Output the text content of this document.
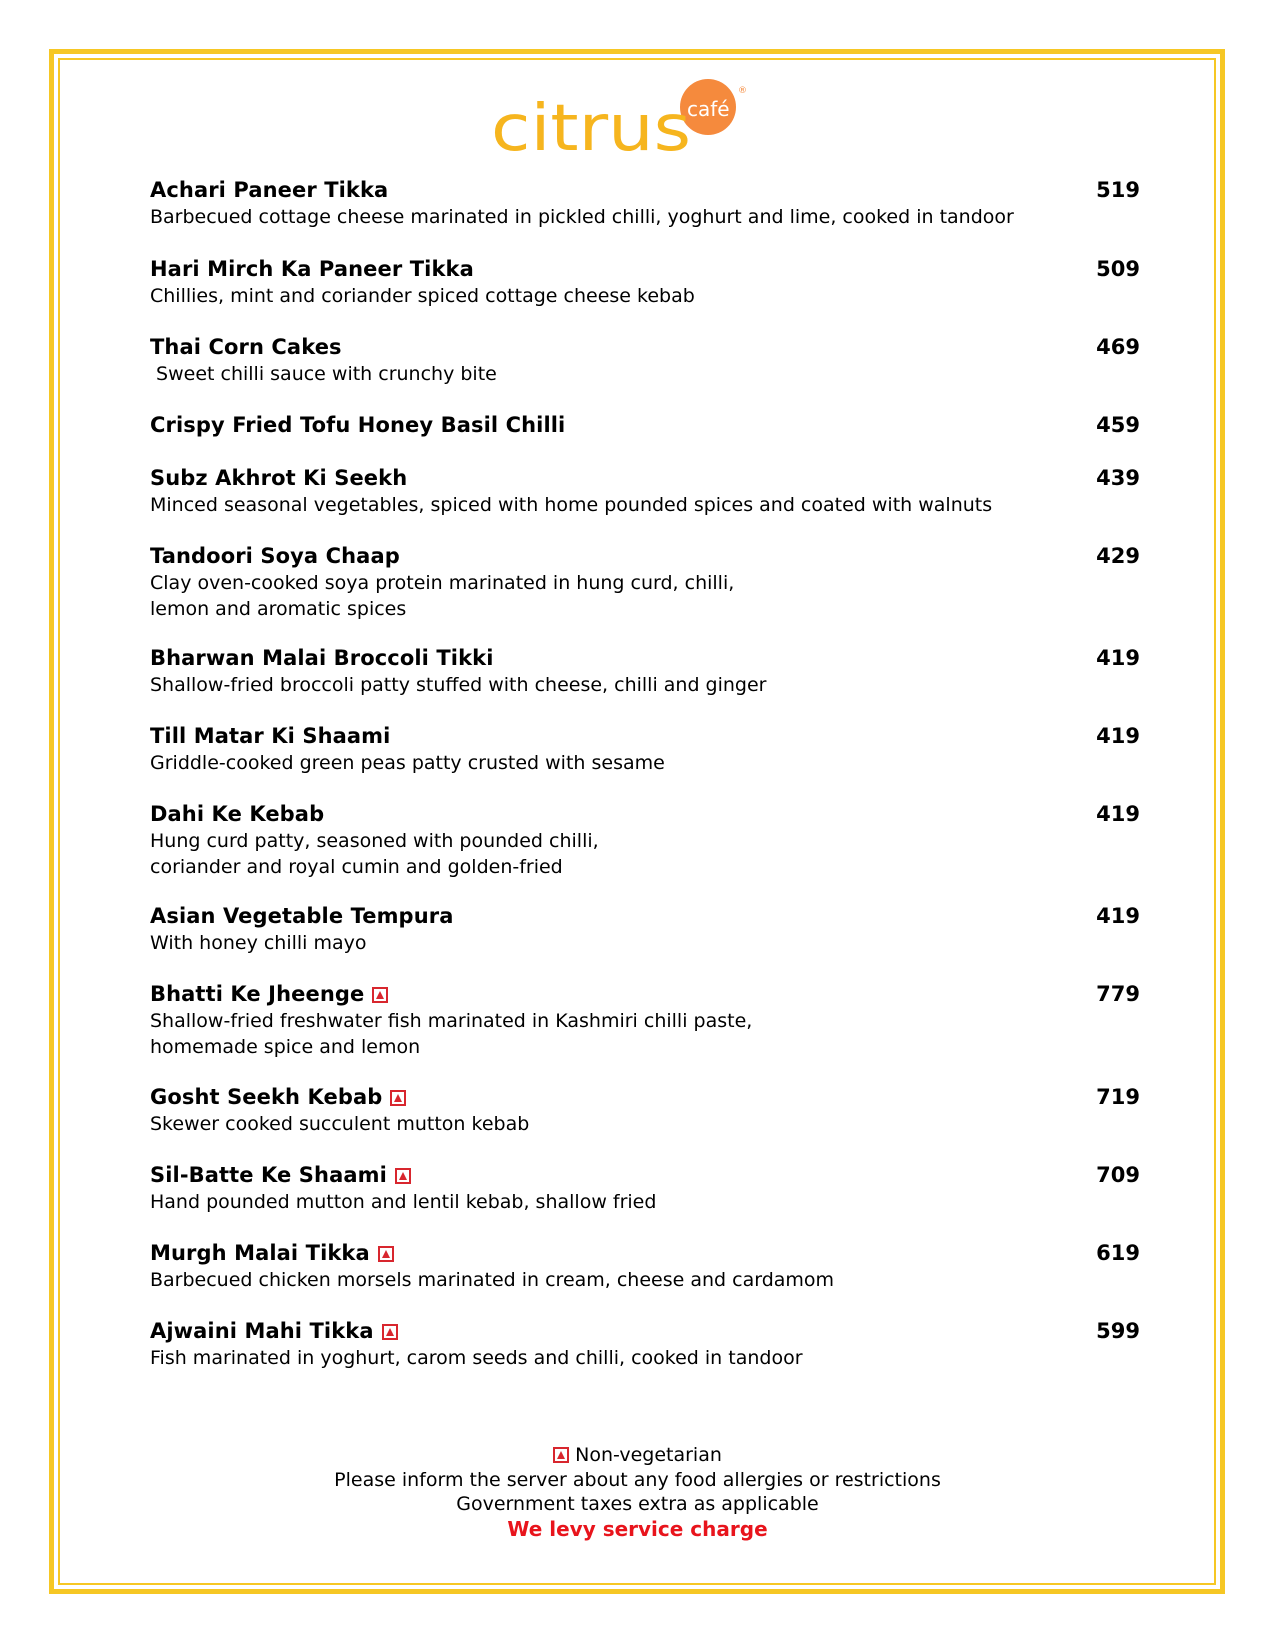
café
®
citrus
Achari Paneer Tikka	519
Barbecued cottage cheese marinated in pickled chilli, yoghurt and lime, cooked in tandoor
Hari Mirch Ka Paneer Tikka	509
Chillies, mint and coriander spiced cottage cheese kebab
Thai Corn Cakes	469
Sweet chilli sauce with crunchy bite
Crispy Fried Tofu Honey Basil Chilli	459
Subz Akhrot Ki Seekh	439
Minced seasonal vegetables, spiced with home pounded spices and coated with walnuts
Tandoori Soya Chaap	429
Clay oven-cooked soya protein marinated in hung curd, chilli,
lemon and aromatic spices
Bharwan Malai Broccoli Tikki	419
Shallow-fried broccoli patty stuffed with cheese, chilli and ginger
Till Matar Ki Shaami	419
Griddle-cooked green peas patty crusted with sesame
Dahi Ke Kebab	419
Hung curd patty, seasoned with pounded chilli,
coriander and royal cumin and golden-fried
Asian Vegetable Tempura	419
With honey chilli mayo
Bhatti Ke Jheenge	779
Shallow-fried freshwater fish marinated in Kashmiri chilli paste,
homemade spice and lemon
Gosht Seekh Kebab	719
Skewer cooked succulent mutton kebab
Sil-Batte Ke Shaami	709
Hand pounded mutton and lentil kebab, shallow fried
Murgh Malai Tikka	619
Barbecued chicken morsels marinated in cream, cheese and cardamom
Ajwaini Mahi Tikka	599
Fish marinated in yoghurt, carom seeds and chilli, cooked in tandoor
Non-vegetarian
Please inform the server about any food allergies or restrictions
Government taxes extra as applicable
We levy service charge
